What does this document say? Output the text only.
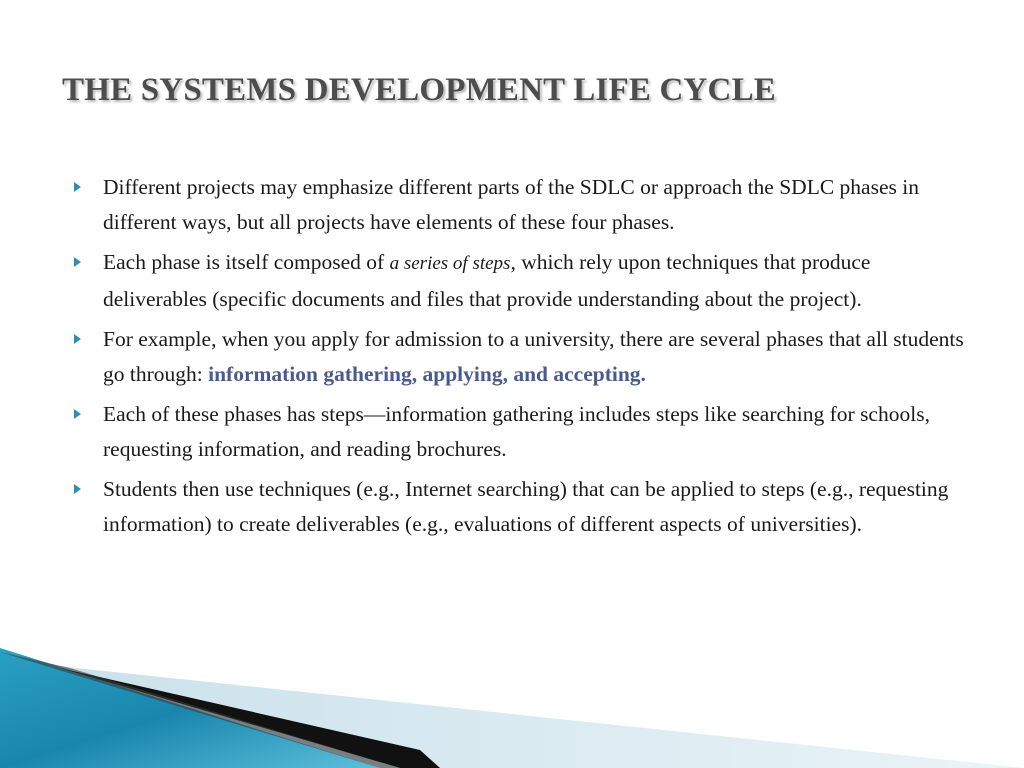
THE SYSTEMS DEVELOPMENT LIFE CYCLE
Different projects may emphasize different parts of the SDLC or approach the SDLC phases in different ways, but all projects have elements of these four phases.
Each phase is itself composed of a series of steps, which rely upon techniques that produce deliverables (specific documents and files that provide understanding about the project).
For example, when you apply for admission to a university, there are several phases that all students go through: information gathering, applying, and accepting.
Each of these phases has steps—information gathering includes steps like searching for schools, requesting information, and reading brochures.
Students then use techniques (e.g., Internet searching) that can be applied to steps (e.g., requesting information) to create deliverables (e.g., evaluations of different aspects of universities).
